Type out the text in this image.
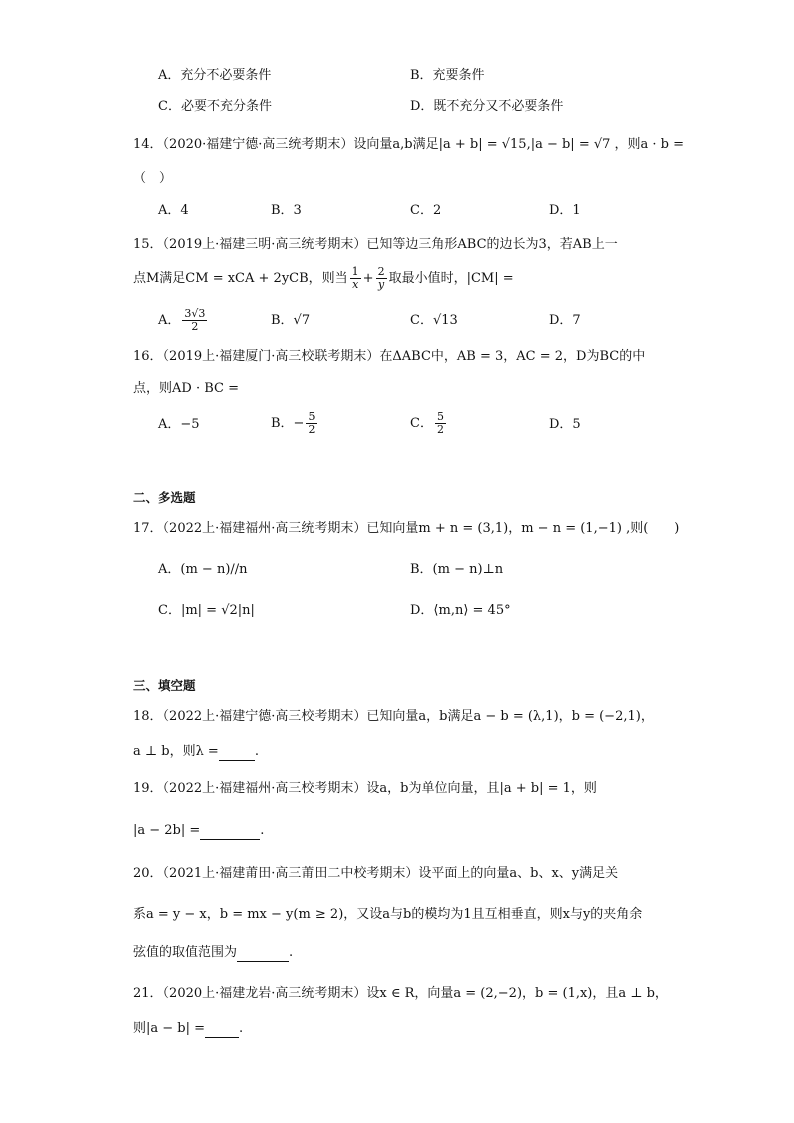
A．充分不必要条件	B．充要条件
C．必要不充分条件	D．既不充分又不必要条件
14．（2020·福建宁德·高三统考期末）设向量a,b满足|a + b| = √15,|a − b| = √7 ，则a · b =
（　）
A．4	B．3	C．2	D．1
15．（2019上·福建三明·高三统考期末）已知等边三角形ABC的边长为3，若AB上一
点M满足CM = xCA + 2yCB，则当 $\frac{1}{x} + \frac{2}{y}$ 取最小值时，|CM| =
A． $\frac{3√3}{2}$	B．√7	C．√13	D．7
16．（2019上·福建厦门·高三校联考期末）在ΔABC中，AB = 3，AC = 2，D为BC的中
点，则AD · BC =
A．−5	B．− $\frac{5}{2}$	C． $\frac{5}{2}$	D．5
二、多选题
17．（2022上·福建福州·高三统考期末）已知向量m + n = (3,1)，m − n = (1,−1) ,则(　　)
A．(m − n)//n	B．(m − n)⊥n
C．|m| = √2|n|	D．⟨m,n⟩ = 45°
三、填空题
18．（2022上·福建宁德·高三校考期末）已知向量a，b满足a − b = (λ,1)，b = (−2,1)，
a ⊥ b，则λ =	.
19．（2022上·福建福州·高三校考期末）设a，b为单位向量，且|a + b| = 1，则
|a − 2b| =	.
20．（2021上·福建莆田·高三莆田二中校考期末）设平面上的向量a、b、x、y满足关
系a = y − x，b = mx − y(m ≥ 2)，又设a与b的模均为1且互相垂直，则x与y的夹角余
弦值的取值范围为	.
21．（2020上·福建龙岩·高三统考期末）设x ∈ R，向量a = (2,−2)，b = (1,x)，且a ⊥ b，
则|a − b| =	.
